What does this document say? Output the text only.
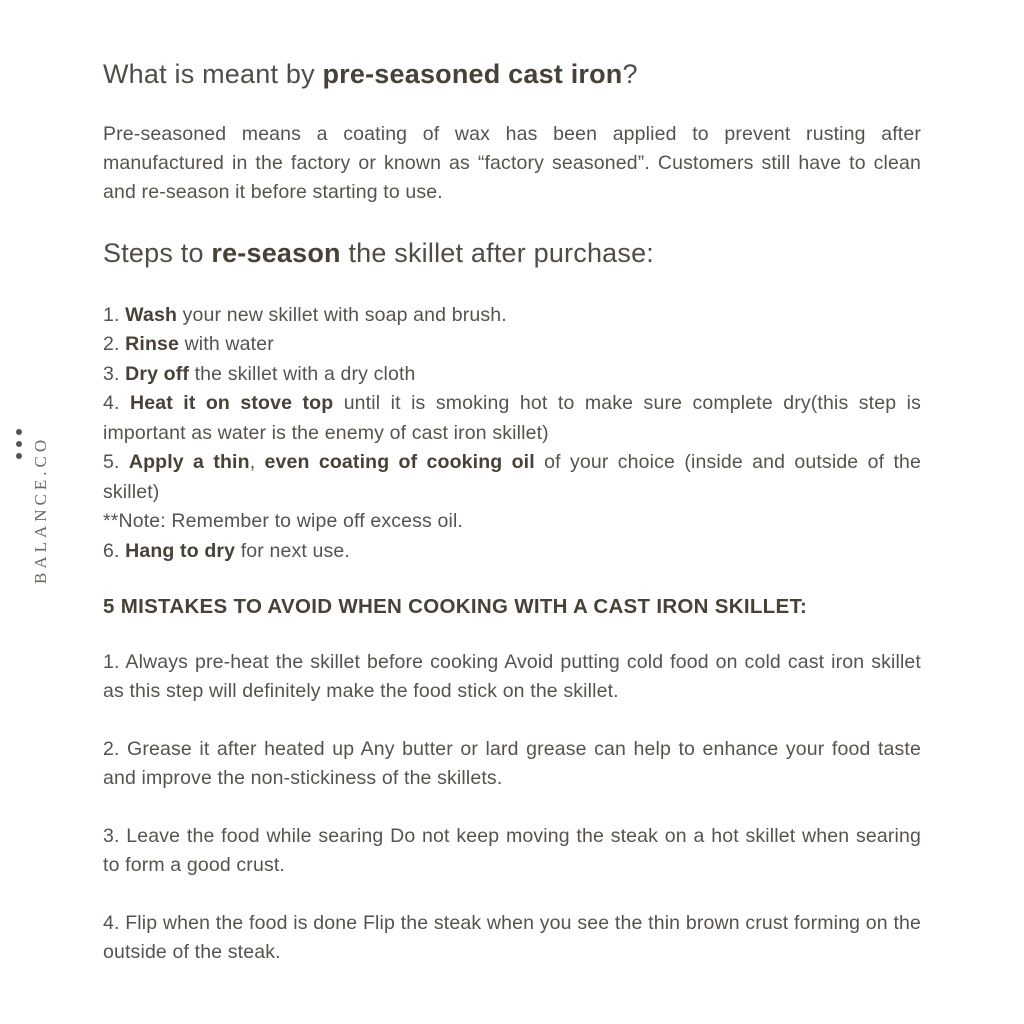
BALANCE.CO
What is meant by pre-seasoned cast iron?

Pre-seasoned means a coating of wax has been applied to prevent rusting after manufactured in the factory or known as “factory seasoned”. Customers still have to clean and re-season it before starting to use.

Steps to re-season the skillet after purchase:
1. Wash your new skillet with soap and brush.
2. Rinse with water
3. Dry off the skillet with a dry cloth
4. Heat it on stove top until it is smoking hot to make sure complete dry(this step is important as water is the enemy of cast iron skillet)
5. Apply a thin, even coating of cooking oil of your choice (inside and outside of the skillet)
**Note: Remember to wipe off excess oil.
6. Hang to dry for next use.
5 MISTAKES TO AVOID WHEN COOKING WITH A CAST IRON SKILLET:

1. Always pre-heat the skillet before cooking Avoid putting cold food on cold cast iron skillet as this step will definitely make the food stick on the skillet.

2. Grease it after heated up Any butter or lard grease can help to enhance your food taste and improve the non-stickiness of the skillets.

3. Leave the food while searing Do not keep moving the steak on a hot skillet when searing to form a good crust.

4. Flip when the food is done Flip the steak when you see the thin brown crust forming on the outside of the steak.
